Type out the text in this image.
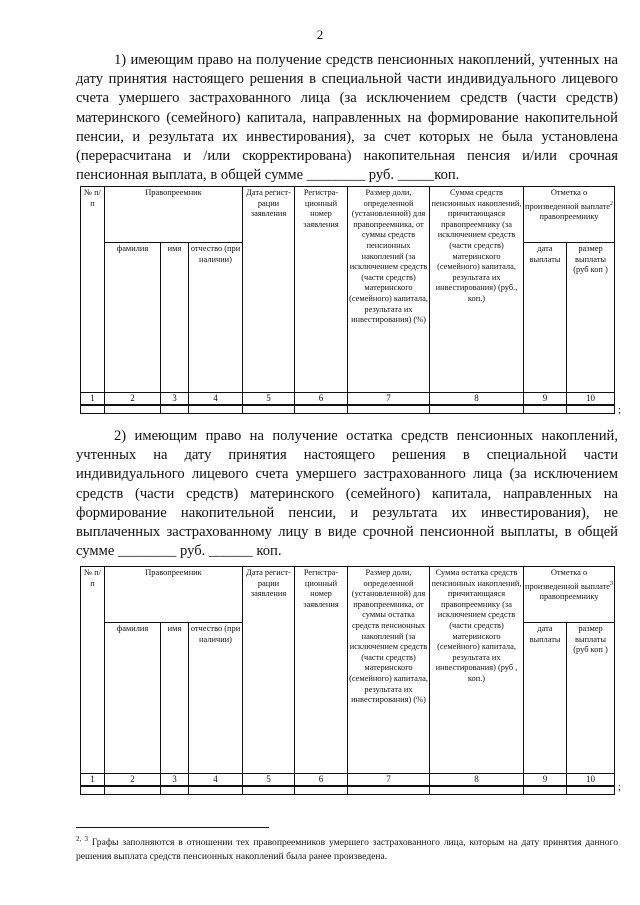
2
1) имеющим право на получение средств пенсионных накоплений, учтенных на дату принятия настоящего решения в специальной части индивидуального лицевого счета умершего застрахованного лица (за исключением средств (части средств) материнского (семейного) капитала, направленных на формирование накопительной пенсии, и результата их инвестирования), за счет которых не была установлена (перерасчитана и /или скорректирована) накопительная пенсия и/или срочная пенсионная выплата, в общей сумме ________ руб. _____коп.
№ п/п	Правопреемник			Дата регист-рации заявления	Регистра-ционный номер заявления	Размер доли, определенной (установленной) для правопреемника, от суммы средств пенсионных накоплений (за исключением средств (части средств) материнского (семейного) капитала, результата их инвестирования) (%)	Сумма средств пенсионных накоплений, причитающаяся правопреемнику (за исключением средств (части средств) материнского (семейного) капитала, результата их инвестирования) (руб., коп.)	Отметка о произведенной выплате$^2$ правопреемнику	
	фамилия	имя	отчество (при наличии)					дата выплаты	размер выплаты (руб коп )
1	2	3	4	5	6	7	8	9	10

;
2) имеющим право на получение остатка средств пенсионных накоплений, учтенных на дату принятия настоящего решения в специальной части индивидуального лицевого счета умершего застрахованного лица (за исключением средств (части средств) материнского (семейного) капитала, направленных на формирование накопительной пенсии, и результата их инвестирования), не выплаченных застрахованному лицу в виде срочной пенсионной выплаты, в общей сумме ________ руб. ______ коп.
№ п/п	Правопреемник			Дата регист-рации заявления	Регистра-ционный номер заявления	Размер доли, определенной (установленной) для правопреемника, от суммы остатка средств пенсионных накоплений (за исключением средств (части средств) материнского (семейного) капитала, результата их инвестирования) (%)	Сумма остатка средств пенсионных накоплений, причитающаяся правопреемнику (за исключением средств (части средств) материнского (семейного) капитала, результата их инвестирования) (руб , коп.)	Отметка о произведенной выплате$^3$ правопреемнику	
	фамилия	имя	отчество (при наличии)					дата выплаты	размер выплаты (руб коп )
1	2	3	4	5	6	7	8	9	10

;
$^{2, 3}$ Графы заполняются в отношении тех правопреемников умершего застрахованного лица, которым на дату принятия данного решения выплата средств пенсионных накоплений была ранее произведена.
